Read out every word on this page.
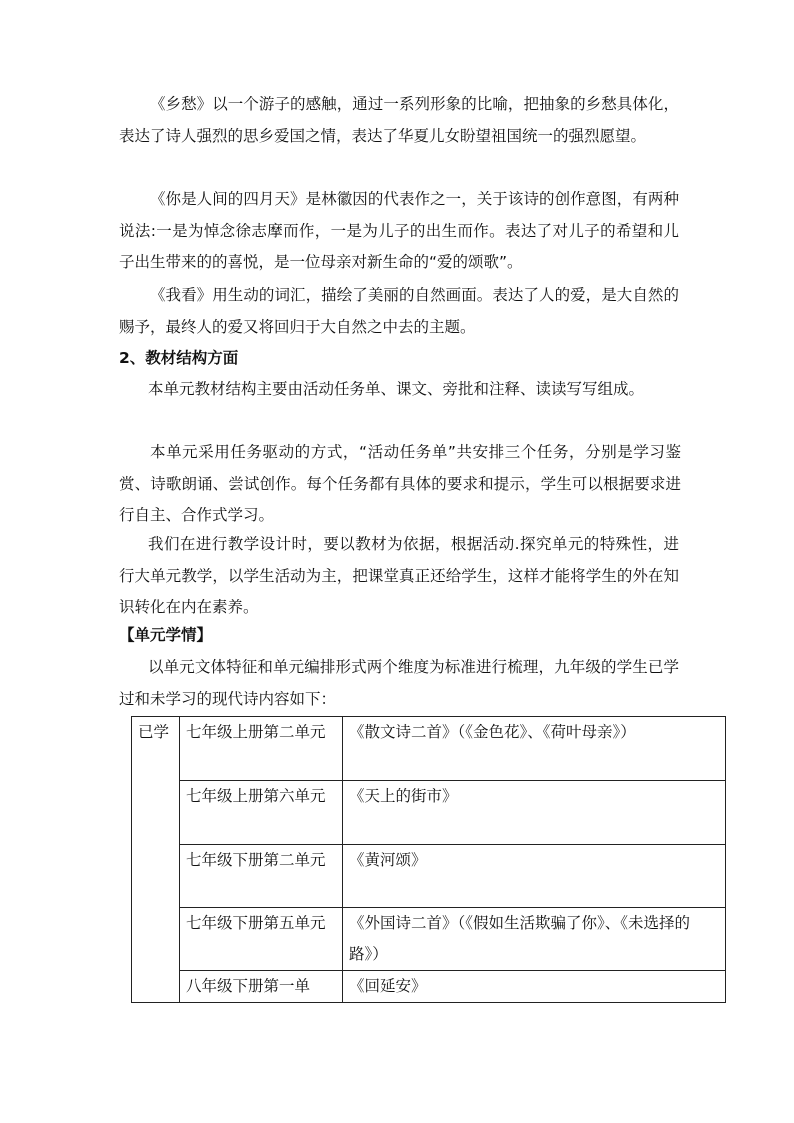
《乡愁》以一个游子的感触，通过一系列形象的比喻，把抽象的乡愁具体化，表达了诗人强烈的思乡爱国之情，表达了华夏儿女盼望祖国统一的强烈愿望。

《你是人间的四月天》是林徽因的代表作之一，关于该诗的创作意图，有两种说法:一是为悼念徐志摩而作，一是为儿子的出生而作。表达了对儿子的希望和儿子出生带来的的喜悦，是一位母亲对新生命的“爱的颂歌”。

《我看》用生动的词汇，描绘了美丽的自然画面。表达了人的爱，是大自然的赐予，最终人的爱又将回归于大自然之中去的主题。

2、教材结构方面

本单元教材结构主要由活动任务单、课文、旁批和注释、读读写写组成。

本单元采用任务驱动的方式，“活动任务单”共安排三个任务，分别是学习鉴赏、诗歌朗诵、尝试创作。每个任务都有具体的要求和提示，学生可以根据要求进行自主、合作式学习。

我们在进行教学设计时，要以教材为依据，根据活动.探究单元的特殊性，进行大单元教学，以学生活动为主，把课堂真正还给学生，这样才能将学生的外在知识转化在内在素养。

【单元学情】

以单元文体特征和单元编排形式两个维度为标准进行梳理，九年级的学生已学过和未学习的现代诗内容如下：

已学	七年级上册第二单元	《散文诗二首》（《金色花》、《荷叶母亲》）
	七年级上册第六单元	《天上的街市》
	七年级下册第二单元	《黄河颂》
	七年级下册第五单元	《外国诗二首》（《假如生活欺骗了你》、《未选择的路》）
	八年级下册第一单	《回延安》
